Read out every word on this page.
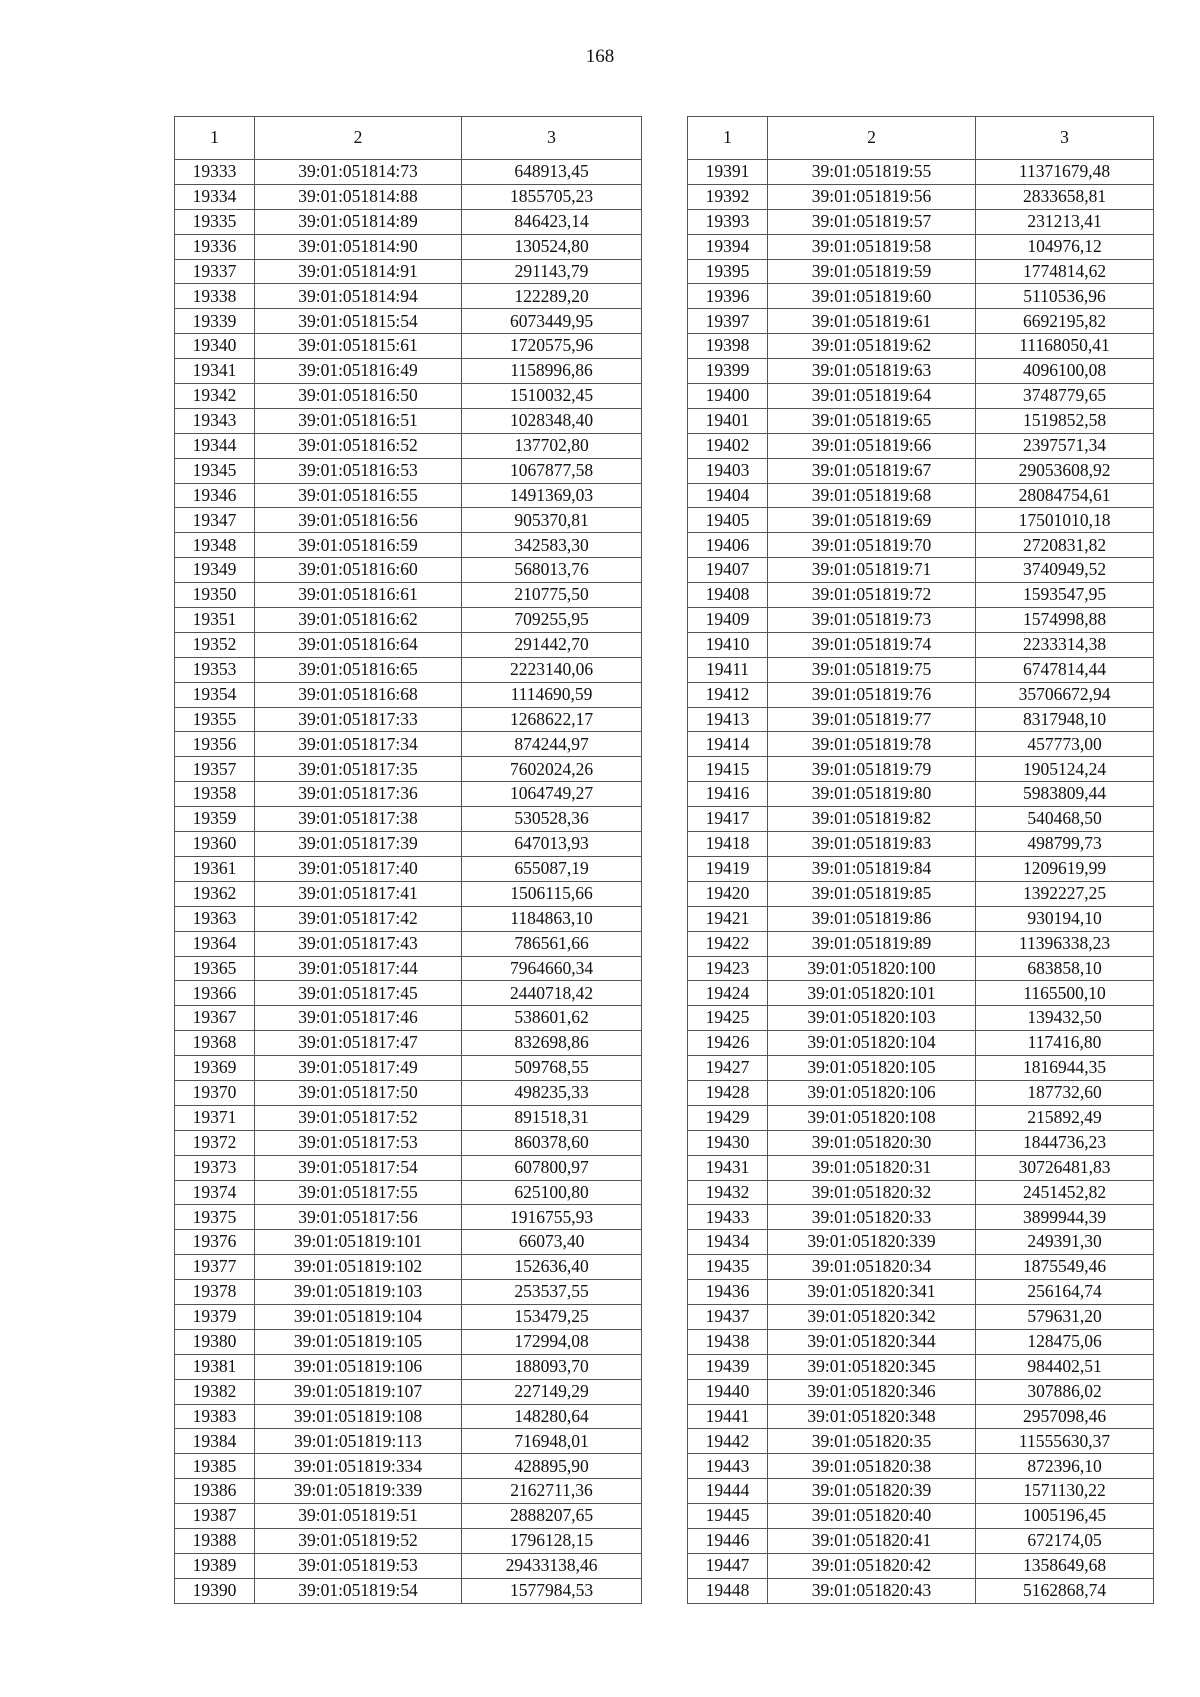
168
1	2	3
19333	39:01:051814:73	648913,45
19334	39:01:051814:88	1855705,23
19335	39:01:051814:89	846423,14
19336	39:01:051814:90	130524,80
19337	39:01:051814:91	291143,79
19338	39:01:051814:94	122289,20
19339	39:01:051815:54	6073449,95
19340	39:01:051815:61	1720575,96
19341	39:01:051816:49	1158996,86
19342	39:01:051816:50	1510032,45
19343	39:01:051816:51	1028348,40
19344	39:01:051816:52	137702,80
19345	39:01:051816:53	1067877,58
19346	39:01:051816:55	1491369,03
19347	39:01:051816:56	905370,81
19348	39:01:051816:59	342583,30
19349	39:01:051816:60	568013,76
19350	39:01:051816:61	210775,50
19351	39:01:051816:62	709255,95
19352	39:01:051816:64	291442,70
19353	39:01:051816:65	2223140,06
19354	39:01:051816:68	1114690,59
19355	39:01:051817:33	1268622,17
19356	39:01:051817:34	874244,97
19357	39:01:051817:35	7602024,26
19358	39:01:051817:36	1064749,27
19359	39:01:051817:38	530528,36
19360	39:01:051817:39	647013,93
19361	39:01:051817:40	655087,19
19362	39:01:051817:41	1506115,66
19363	39:01:051817:42	1184863,10
19364	39:01:051817:43	786561,66
19365	39:01:051817:44	7964660,34
19366	39:01:051817:45	2440718,42
19367	39:01:051817:46	538601,62
19368	39:01:051817:47	832698,86
19369	39:01:051817:49	509768,55
19370	39:01:051817:50	498235,33
19371	39:01:051817:52	891518,31
19372	39:01:051817:53	860378,60
19373	39:01:051817:54	607800,97
19374	39:01:051817:55	625100,80
19375	39:01:051817:56	1916755,93
19376	39:01:051819:101	66073,40
19377	39:01:051819:102	152636,40
19378	39:01:051819:103	253537,55
19379	39:01:051819:104	153479,25
19380	39:01:051819:105	172994,08
19381	39:01:051819:106	188093,70
19382	39:01:051819:107	227149,29
19383	39:01:051819:108	148280,64
19384	39:01:051819:113	716948,01
19385	39:01:051819:334	428895,90
19386	39:01:051819:339	2162711,36
19387	39:01:051819:51	2888207,65
19388	39:01:051819:52	1796128,15
19389	39:01:051819:53	29433138,46
19390	39:01:051819:54	1577984,53
1	2	3
19391	39:01:051819:55	11371679,48
19392	39:01:051819:56	2833658,81
19393	39:01:051819:57	231213,41
19394	39:01:051819:58	104976,12
19395	39:01:051819:59	1774814,62
19396	39:01:051819:60	5110536,96
19397	39:01:051819:61	6692195,82
19398	39:01:051819:62	11168050,41
19399	39:01:051819:63	4096100,08
19400	39:01:051819:64	3748779,65
19401	39:01:051819:65	1519852,58
19402	39:01:051819:66	2397571,34
19403	39:01:051819:67	29053608,92
19404	39:01:051819:68	28084754,61
19405	39:01:051819:69	17501010,18
19406	39:01:051819:70	2720831,82
19407	39:01:051819:71	3740949,52
19408	39:01:051819:72	1593547,95
19409	39:01:051819:73	1574998,88
19410	39:01:051819:74	2233314,38
19411	39:01:051819:75	6747814,44
19412	39:01:051819:76	35706672,94
19413	39:01:051819:77	8317948,10
19414	39:01:051819:78	457773,00
19415	39:01:051819:79	1905124,24
19416	39:01:051819:80	5983809,44
19417	39:01:051819:82	540468,50
19418	39:01:051819:83	498799,73
19419	39:01:051819:84	1209619,99
19420	39:01:051819:85	1392227,25
19421	39:01:051819:86	930194,10
19422	39:01:051819:89	11396338,23
19423	39:01:051820:100	683858,10
19424	39:01:051820:101	1165500,10
19425	39:01:051820:103	139432,50
19426	39:01:051820:104	117416,80
19427	39:01:051820:105	1816944,35
19428	39:01:051820:106	187732,60
19429	39:01:051820:108	215892,49
19430	39:01:051820:30	1844736,23
19431	39:01:051820:31	30726481,83
19432	39:01:051820:32	2451452,82
19433	39:01:051820:33	3899944,39
19434	39:01:051820:339	249391,30
19435	39:01:051820:34	1875549,46
19436	39:01:051820:341	256164,74
19437	39:01:051820:342	579631,20
19438	39:01:051820:344	128475,06
19439	39:01:051820:345	984402,51
19440	39:01:051820:346	307886,02
19441	39:01:051820:348	2957098,46
19442	39:01:051820:35	11555630,37
19443	39:01:051820:38	872396,10
19444	39:01:051820:39	1571130,22
19445	39:01:051820:40	1005196,45
19446	39:01:051820:41	672174,05
19447	39:01:051820:42	1358649,68
19448	39:01:051820:43	5162868,74
